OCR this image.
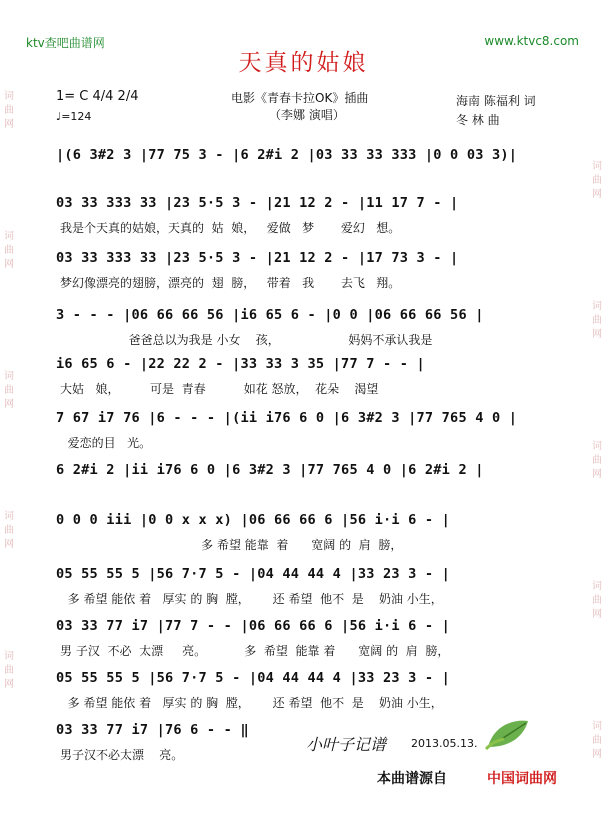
词曲网
词曲网
词曲网
词曲网
词曲网
词曲网
词曲网
词曲网
词曲网
词曲网
ktv查吧曲谱网	www.ktvc8.com
天真的姑娘
1= C 4/4 2/4
♩=124
电影《青春卡拉OK》插曲
（李娜 演唱）
海南 陈福利 词
冬 林 曲
|(6 3#2 3 |77 75 3 - |6 2#i 2 |03 33 33 333 |0 0 03 3)|
03 33 333 33 |23 5·5 3 - |21 12 2 - |11 17 7 - |
我是个天真的姑娘，天真的  姑  娘，   爱做   梦       爱幻   想。
03 33 333 33 |23 5·5 3 - |21 12 2 - |17 73 3 - |
梦幻像漂亮的翅膀，漂亮的  翅  膀，   带着   我       去飞   翔。
3 - - - |06 66 66 56 |i6 65 6 - |0 0 |06 66 66 56 |
爸爸总以为我是 小女    孩，                  妈妈不承认我是
i6 65 6 - |22 22 2 - |33 33 3 35 |77 7 - - |
大姑   娘，        可是  青春          如花 怒放，  花朵    渴望
7 67 i7 76 |6 - - - |(ii i76 6 0 |6 3#2 3 |77 765 4 0 |
爱恋的目   光。
6 2#i 2 |ii i76 6 0 |6 3#2 3 |77 765 4 0 |6 2#i 2 |
0 0 0 iii |0 0 x x x) |06 66 66 6 |56 i·i 6 - |
多 希望 能靠  着      宽阔 的  肩  膀，
05 55 55 5 |56 7·7 5 - |04 44 44 4 |33 23 3 - |
多 希望 能依 着   厚实 的 胸  膛，      还 希望  他不  是    奶油 小生，
03 33 77 i7 |77 7 - - |06 66 66 6 |56 i·i 6 - |
男 子汉  不必  太漂     亮。          多  希望  能靠 着      宽阔 的  肩  膀，
05 55 55 5 |56 7·7 5 - |04 44 44 4 |33 23 3 - |
多 希望 能依 着   厚实 的 胸  膛，      还 希望  他不  是    奶油 小生，
03 33 77 i7 |76 6 - - ‖
男子汉不必太漂    亮。
小叶子记谱 2013.05.13.
本曲谱源自	中国词曲网
